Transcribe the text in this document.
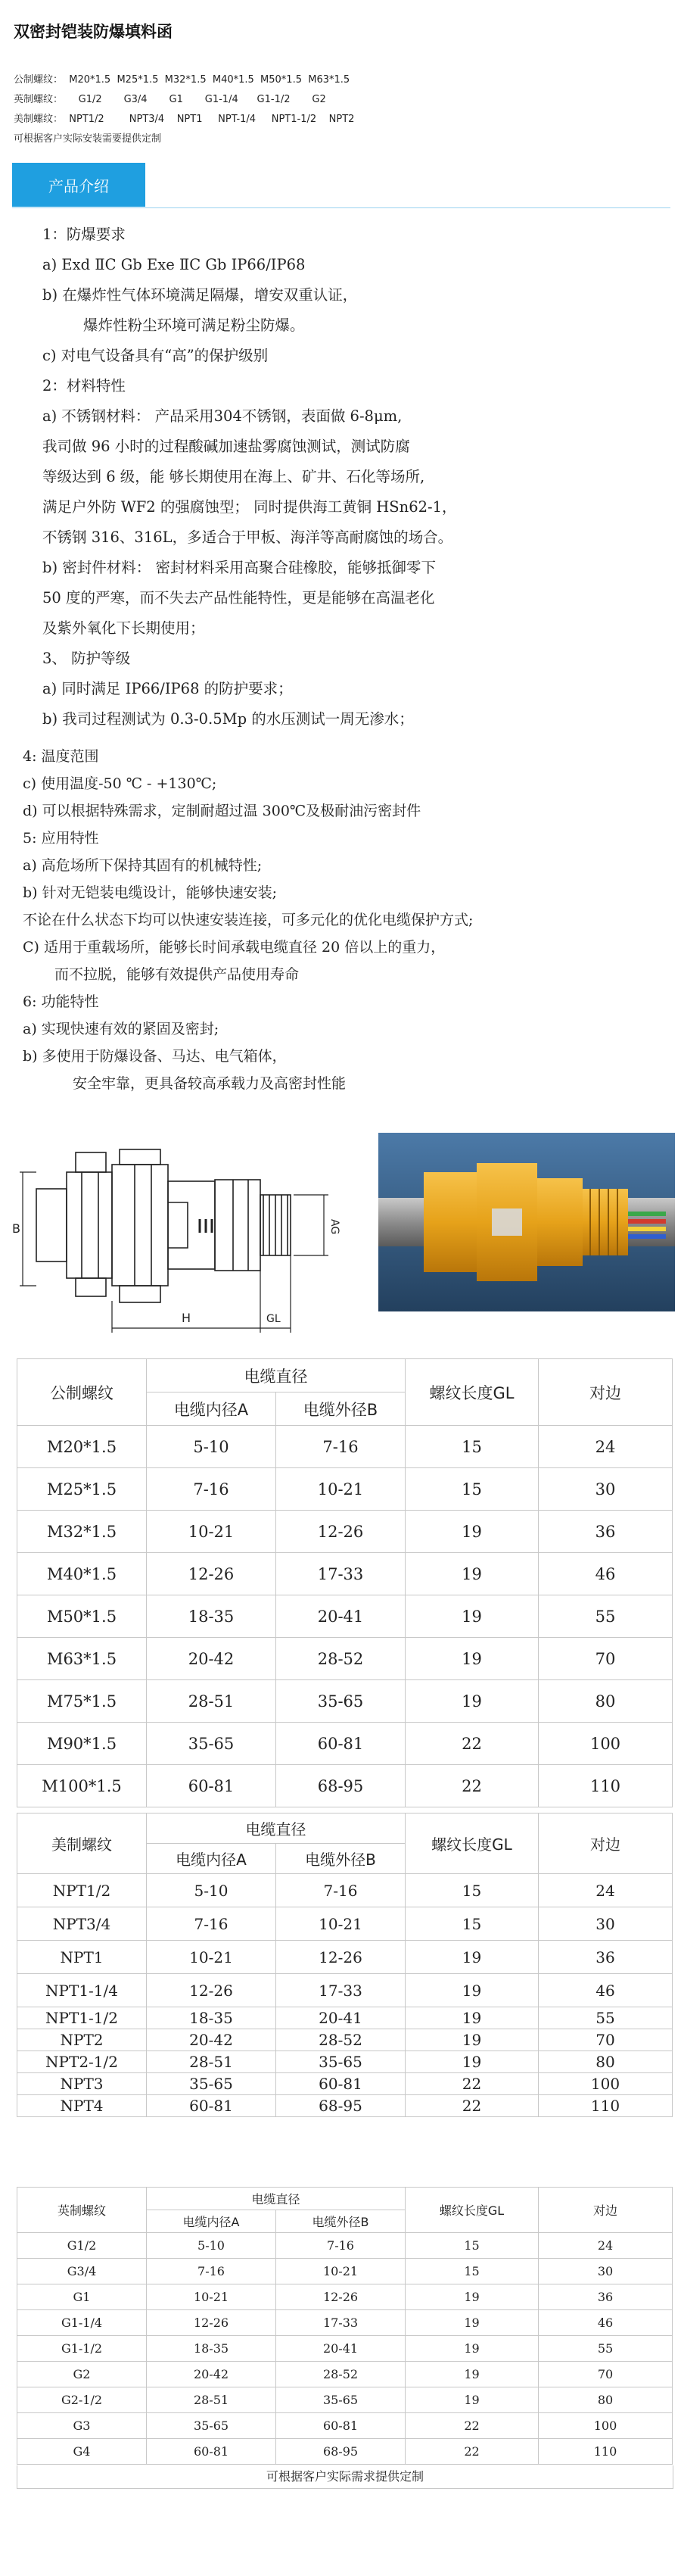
双密封铠装防爆填料函
公制螺纹：  M20*1.5  M25*1.5  M32*1.5  M40*1.5  M50*1.5  M63*1.5
英制螺纹：     G1/2       G3/4       G1       G1-1/4      G1-1/2       G2
美制螺纹：  NPT1/2        NPT3/4    NPT1     NPT-1/4     NPT1-1/2    NPT2
可根据客户实际安装需要提供定制
产品介绍
1：防爆要求
a) Exd ⅡC Gb Exe ⅡC Gb IP66/IP68
b) 在爆炸性气体环境满足隔爆，增安双重认证，
爆炸性粉尘环境可满足粉尘防爆。
c) 对电气设备具有“高”的保护级别
2：材料特性
a) 不锈钢材料： 产品采用304不锈钢，表面做 6-8μm,
我司做 96 小时的过程酸碱加速盐雾腐蚀测试，测试防腐
等级达到 6 级，能 够长期使用在海上、矿井、石化等场所,
满足户外防 WF2 的强腐蚀型； 同时提供海工黄铜 HSn62-1，
不锈钢 316、316L，多适合于甲板、海洋等高耐腐蚀的场合。
b) 密封件材料： 密封材料采用高聚合硅橡胶，能够抵御零下
50 度的严寒，而不失去产品性能特性，更是能够在高温老化
及紫外氧化下长期使用；
3、 防护等级
a) 同时满足 IP66/IP68 的防护要求；
b) 我司过程测试为 0.3-0.5Mp 的水压测试一周无渗水；
4: 温度范围
c) 使用温度-50 ℃ - +130℃;
d) 可以根据特殊需求，定制耐超过温 300℃及极耐油污密封件
5: 应用特性
a) 高危场所下保持其固有的机械特性;
b) 针对无铠装电缆设计，能够快速安装;
不论在什么状态下均可以快速安装连接，可多元化的优化电缆保护方式;
C) 适用于重载场所，能够长时间承载电缆直径 20 倍以上的重力，
而不拉脱，能够有效提供产品使用寿命
6: 功能特性
a) 实现快速有效的紧固及密封;
b) 多使用于防爆设备、马达、电气箱体，
安全牢靠，更具备较高承载力及高密封性能
B	AG
H	GL
公制螺纹	电缆直径		螺纹长度GL	对边
	电缆内径A	电缆外径B		
M20*1.5	5-10	7-16	15	24
M25*1.5	7-16	10-21	15	30
M32*1.5	10-21	12-26	19	36
M40*1.5	12-26	17-33	19	46
M50*1.5	18-35	20-41	19	55
M63*1.5	20-42	28-52	19	70
M75*1.5	28-51	35-65	19	80
M90*1.5	35-65	60-81	22	100
M100*1.5	60-81	68-95	22	110
美制螺纹	电缆直径		螺纹长度GL	对边
	电缆内径A	电缆外径B		
NPT1/2	5-10	7-16	15	24
NPT3/4	7-16	10-21	15	30
NPT1	10-21	12-26	19	36
NPT1-1/4	12-26	17-33	19	46
NPT1-1/2	18-35	20-41	19	55
NPT2	20-42	28-52	19	70
NPT2-1/2	28-51	35-65	19	80
NPT3	35-65	60-81	22	100
NPT4	60-81	68-95	22	110
英制螺纹	电缆直径		螺纹长度GL	对边
	电缆内径A	电缆外径B		
G1/2	5-10	7-16	15	24
G3/4	7-16	10-21	15	30
G1	10-21	12-26	19	36
G1-1/4	12-26	17-33	19	46
G1-1/2	18-35	20-41	19	55
G2	20-42	28-52	19	70
G2-1/2	28-51	35-65	19	80
G3	35-65	60-81	22	100
G4	60-81	68-95	22	110
可根据客户实际需求提供定制
